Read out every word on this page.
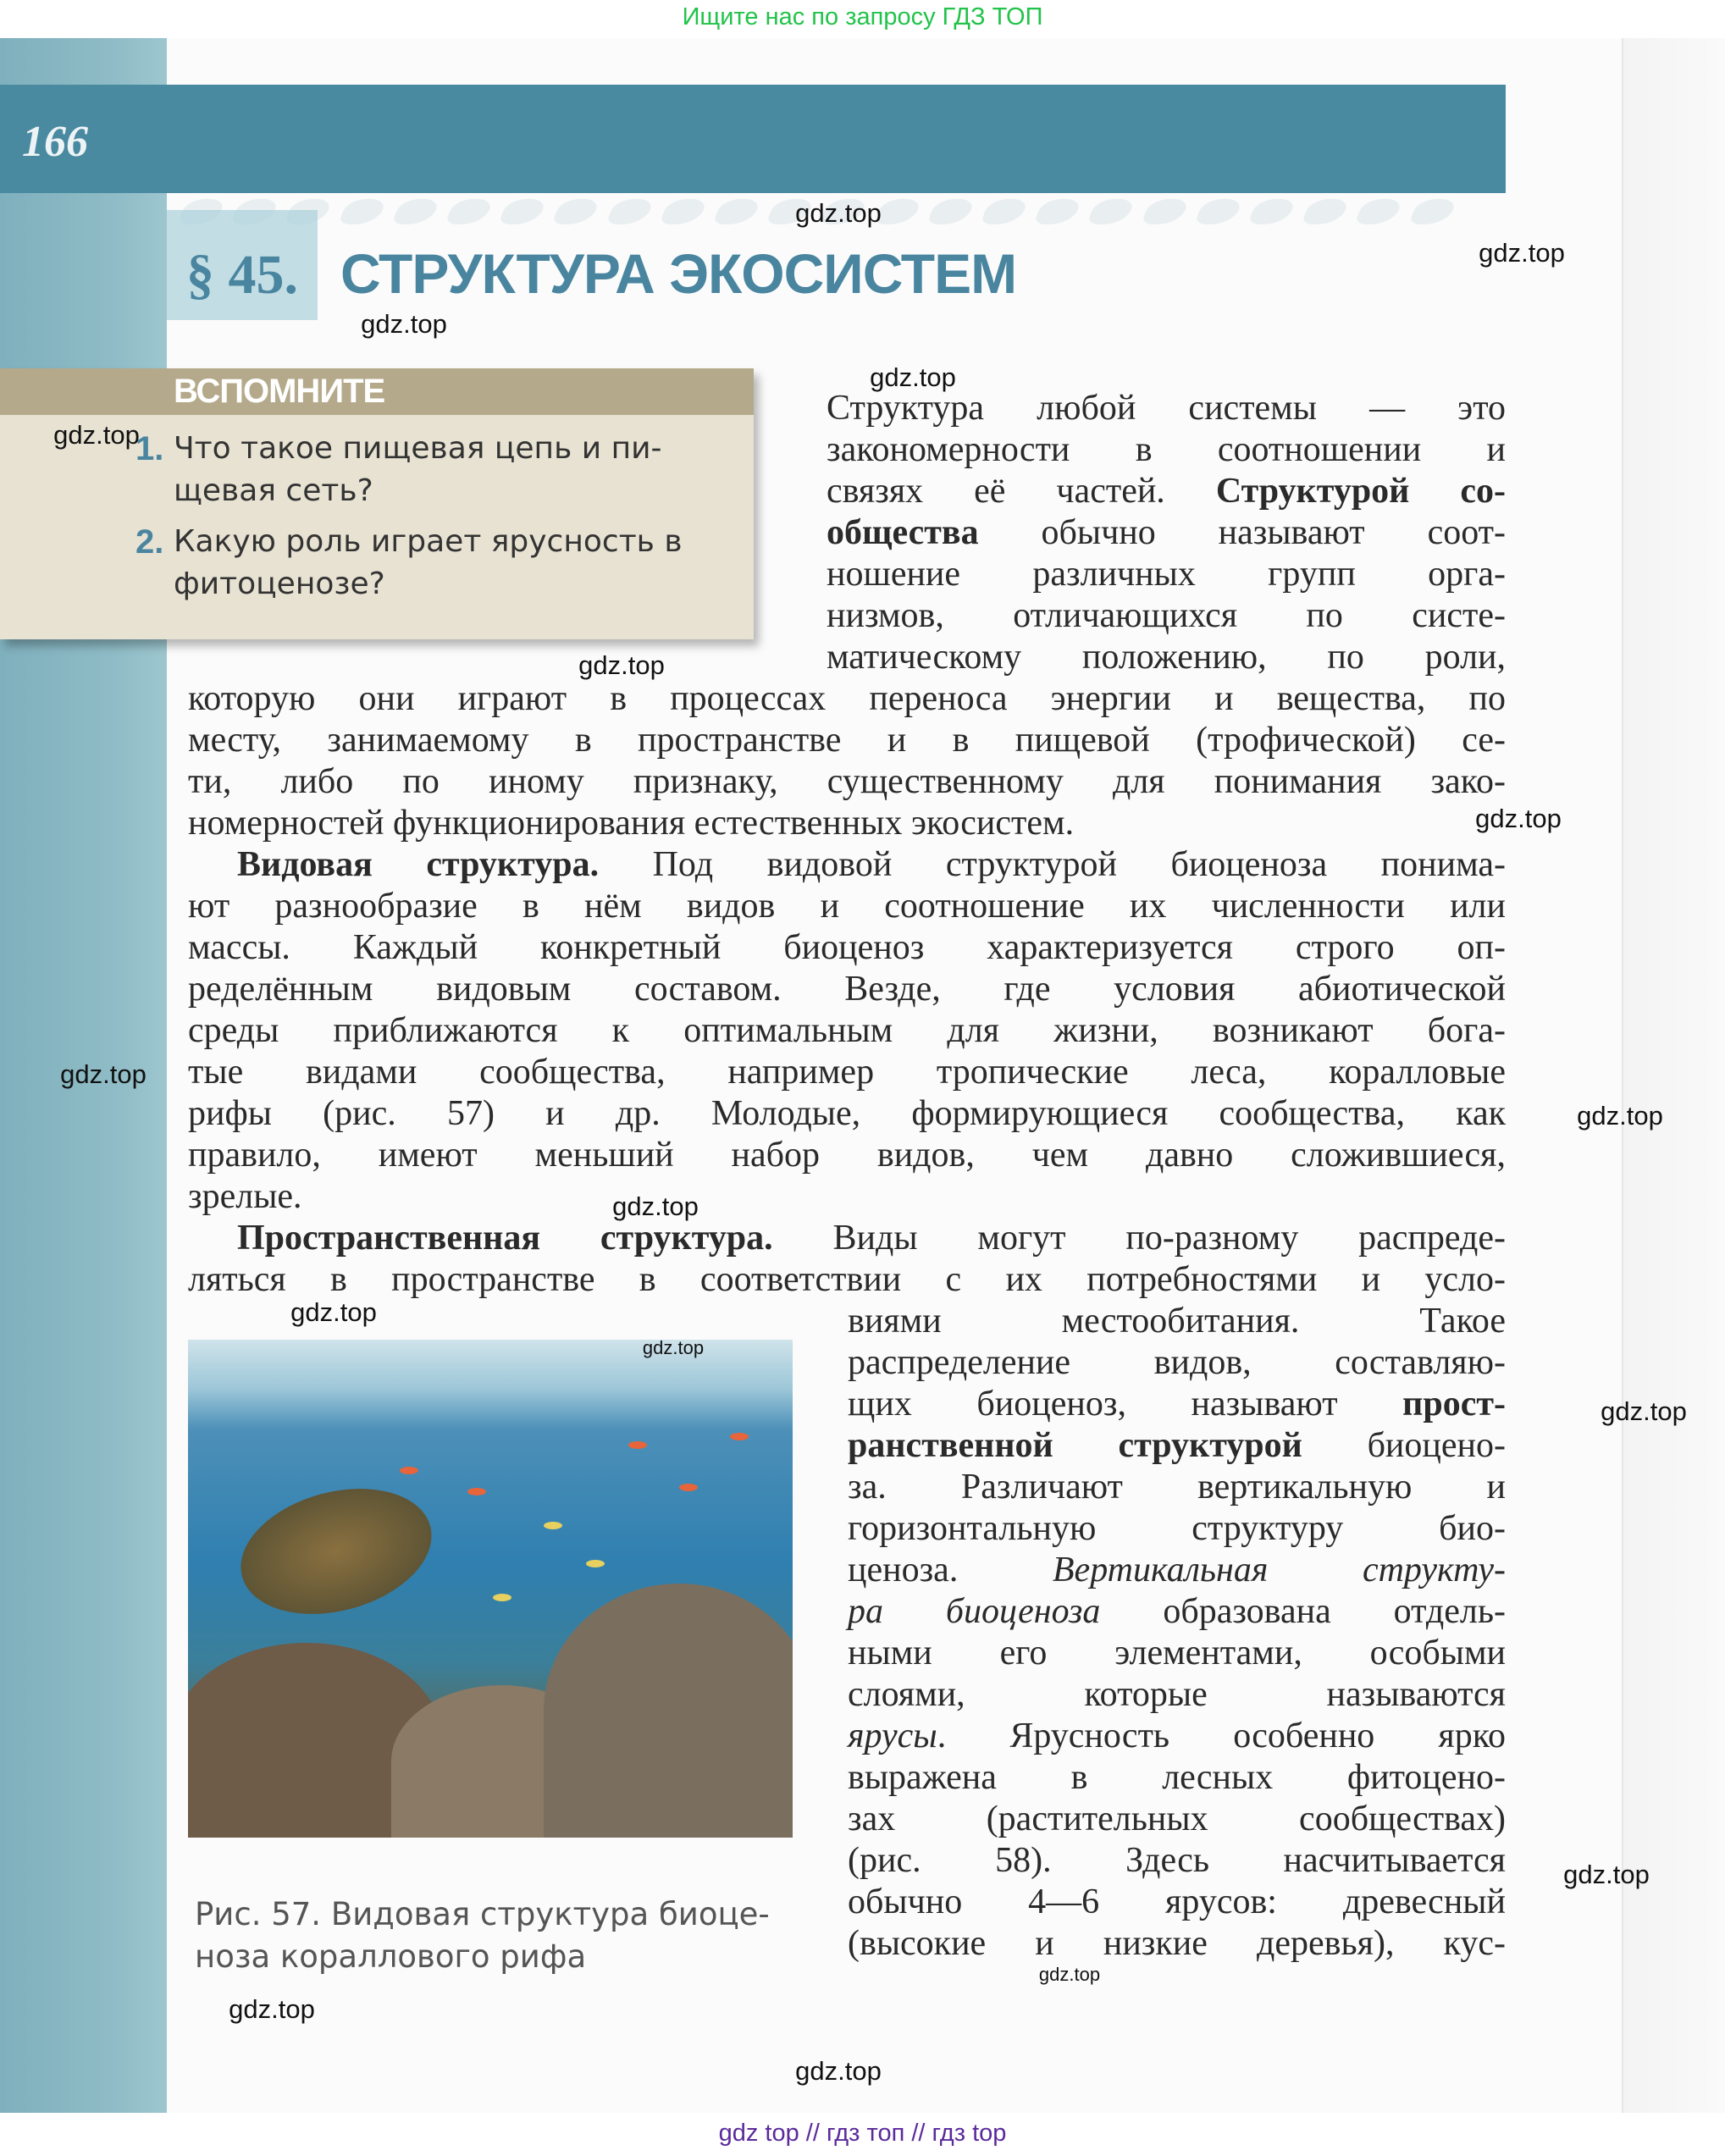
Ищите нас по запросу ГДЗ ТОП
166
§ 45. СТРУКТУРА ЭКОСИСТЕМ
ВСПОМНИТЕ
1. Что такое пищевая цепь и пи-
щевая сеть?
2. Какую роль играет ярусность в
фитоценозе?
Структура любой системы — это
закономерности в соотношении и
связях её частей. Структурой со-
общества обычно называют соот-
ношение различных групп орга-
низмов, отличающихся по систе-
матическому положению, по роли,
которую они играют в процессах переноса энергии и вещества, по
месту, занимаемому в пространстве и в пищевой (трофической) се-
ти, либо по иному признаку, существенному для понимания зако-
номерностей функционирования естественных экосистем.
Видовая структура. Под видовой структурой биоценоза понима-
ют разнообразие в нём видов и соотношение их численности или
массы. Каждый конкретный биоценоз характеризуется строго оп-
ределённым видовым составом. Везде, где условия абиотической
среды приближаются к оптимальным для жизни, возникают бога-
тые видами сообщества, например тропические леса, коралловые
рифы (рис. 57) и др. Молодые, формирующиеся сообщества, как
правило, имеют меньший набор видов, чем давно сложившиеся,
зрелые.
Пространственная структура. Виды могут по-разному распреде-
ляться в пространстве в соответствии с их потребностями и усло-
виями местообитания. Такое
распределение видов, составляю-
щих биоценоз, называют прост-
ранственной структурой биоцено-
за. Различают вертикальную и
горизонтальную структуру био-
ценоза. Вертикальная структу-
ра биоценоза образована отдель-
ными его элементами, особыми
слоями, которые называются
ярусы. Ярусность особенно ярко
выражена в лесных фитоцено-
зах (растительных сообществах)
(рис. 58). Здесь насчитывается
обычно 4—6 ярусов: древесный
(высокие и низкие деревья), кус-
Рис. 57. Видовая структура биоце-
ноза кораллового рифа
gdz.top
gdz.top
gdz.top
gdz.top
gdz.top
gdz.top
gdz.top
gdz.top
gdz.top
gdz.top
gdz.top
gdz.top
gdz.top
gdz.top
gdz.top
gdz.top
gdz.top
gdz top // гдз топ // гдз top
